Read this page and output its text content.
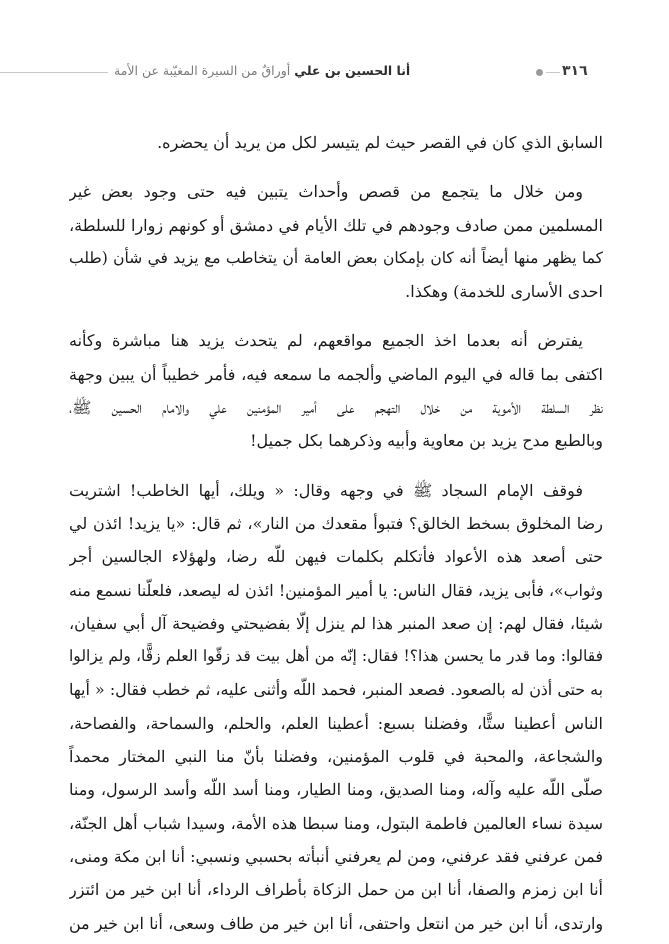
أنا الحسين بن علي أوراقٌ من السيرة المغيّبة عن الأمة	٣١٦
السابق الذي كان في القصر حيث لم يتيسر لكل من يريد أن يحضره.
ومن خلال ما يتجمع من قصص وأحداث يتبين فيه حتى وجود بعض غير
المسلمين ممن صادف وجودهم في تلك الأيام في دمشق أو كونهم زوارا للسلطة،
كما يظهر منها أيضاً أنه كان بإمكان بعض العامة أن يتخاطب مع يزيد في شأن (طلب
احدى الأسارى للخدمة) وهكذا.
يفترض أنه بعدما اخذ الجميع مواقعهم، لم يتحدث يزيد هنا مباشرة وكأنه
اكتفى بما قاله في اليوم الماضي وألجمه ما سمعه فيه، فأمر خطيباً أن يبين وجهة
نظر السلطة الأموية من خلال التهجم على أمير المؤمنين علي والامام الحسين ﷺ،
وبالطبع مدح يزيد بن معاوية وأبيه وذكرهما بكل جميل!
فوقف الإمام السجاد ﷺ في وجهه وقال: « ويلك، أيها الخاطب! اشتريت
رضا المخلوق بسخط الخالق؟ فتبوأ مقعدك من النار»، ثم قال: «يا يزيد! ائذن لي
حتى أصعد هذه الأعواد فأتكلم بكلمات فيهن للّه رضا، ولهؤلاء الجالسين أجر
وثواب»، فأبى يزيد، فقال الناس: يا أمير المؤمنين! ائذن له ليصعد، فلعلّنا نسمع منه
شيئا، فقال لهم: إن صعد المنبر هذا لم ينزل إلّا بفضيحتي وفضيحة آل أبي سفيان،
فقالوا: وما قدر ما يحسن هذا؟! فقال: إنّه من أهل بيت قد زقّوا العلم زقًّا، ولم يزالوا
به حتى أذن له بالصعود. فصعد المنبر، فحمد اللّه وأثنى عليه، ثم خطب فقال: « أيها
الناس أعطينا ستًّا، وفضلنا بسبع: أعطينا العلم، والحلم، والسماحة، والفصاحة،
والشجاعة، والمحبة في قلوب المؤمنين، وفضلنا بأنّ منا النبي المختار محمداً
صلّى اللّه عليه وآله، ومنا الصديق، ومنا الطيار، ومنا أسد اللّه وأسد الرسول، ومنا
سيدة نساء العالمين فاطمة البتول، ومنا سبطا هذه الأمة، وسيدا شباب أهل الجنّة،
فمن عرفني فقد عرفني، ومن لم يعرفني أنبأته بحسبي ونسبي: أنا ابن مكة ومنى،
أنا ابن زمزم والصفا، أنا ابن من حمل الزكاة بأطراف الرداء، أنا ابن خير من ائتزر
وارتدى، أنا ابن خير من انتعل واحتفى، أنا ابن خير من طاف وسعى، أنا ابن خير من
